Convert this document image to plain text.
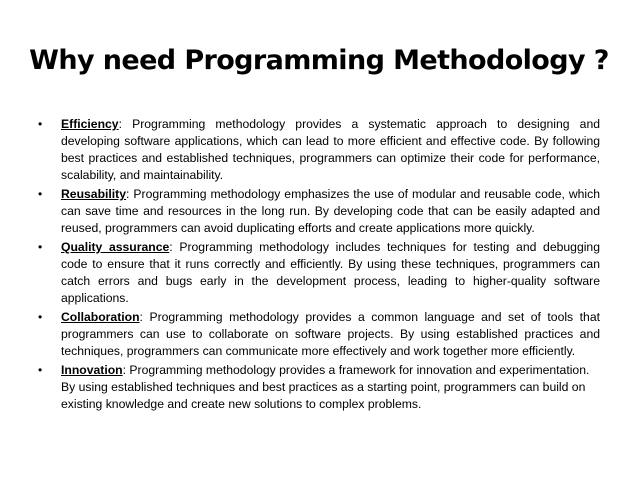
Why need Programming Methodology ?
•	Efficiency: Programming methodology provides a systematic approach to designing and developing software applications, which can lead to more efficient and effective code. By following best practices and established techniques, programmers can optimize their code for performance, scalability, and maintainability.
•	Reusability: Programming methodology emphasizes the use of modular and reusable code, which can save time and resources in the long run. By developing code that can be easily adapted and reused, programmers can avoid duplicating efforts and create applications more quickly.
•	Quality assurance: Programming methodology includes techniques for testing and debugging code to ensure that it runs correctly and efficiently. By using these techniques, programmers can catch errors and bugs early in the development process, leading to higher-quality software applications.
•	Collaboration: Programming methodology provides a common language and set of tools that programmers can use to collaborate on software projects. By using established practices and techniques, programmers can communicate more effectively and work together more efficiently.
•	Innovation: Programming methodology provides a framework for innovation and experimentation. By using established techniques and best practices as a starting point, programmers can build on existing knowledge and create new solutions to complex problems.
